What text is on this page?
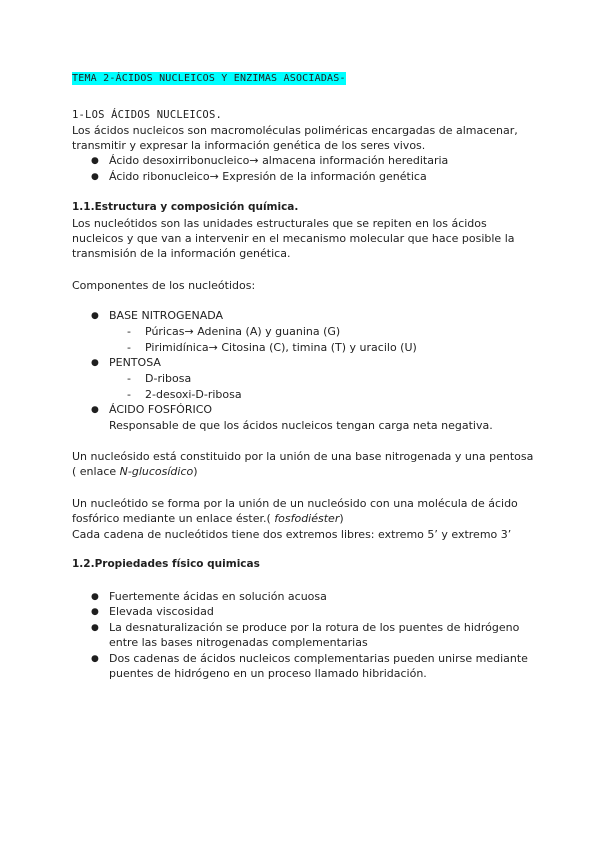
TEMA 2-ÁCIDOS NUCLEICOS Y ENZIMAS ASOCIADAS-
1-LOS ÁCIDOS NUCLEICOS.
Los ácidos nucleicos son macromoléculas poliméricas encargadas de almacenar,
transmitir y expresar la información genética de los seres vivos.
● Ácido desoxirribonucleico→ almacena información hereditaria
● Ácido ribonucleico→ Expresión de la información genética
1.1.Estructura y composición química.
Los nucleótidos son las unidades estructurales que se repiten en los ácidos
nucleicos y que van a intervenir en el mecanismo molecular que hace posible la
transmisión de la información genética.
Componentes de los nucleótidos:
● BASE NITROGENADA
- Púricas→ Adenina (A) y guanina (G)
- Pirimidínica→ Citosina (C), timina (T) y uracilo (U)
● PENTOSA
- D-ribosa
- 2-desoxi-D-ribosa
● ÁCIDO FOSFÓRICO
Responsable de que los ácidos nucleicos tengan carga neta negativa.
Un nucleósido está constituido por la unión de una base nitrogenada y una pentosa
( enlace N-glucosídico)
Un nucleótido se forma por la unión de un nucleósido con una molécula de ácido
fosfórico mediante un enlace éster.( fosfodiéster)
Cada cadena de nucleótidos tiene dos extremos libres: extremo 5’ y extremo 3’
1.2.Propiedades físico quimicas
● Fuertemente ácidas en solución acuosa
● Elevada viscosidad
● La desnaturalización se produce por la rotura de los puentes de hidrógeno
entre las bases nitrogenadas complementarias
● Dos cadenas de ácidos nucleicos complementarias pueden unirse mediante
puentes de hidrógeno en un proceso llamado hibridación.
